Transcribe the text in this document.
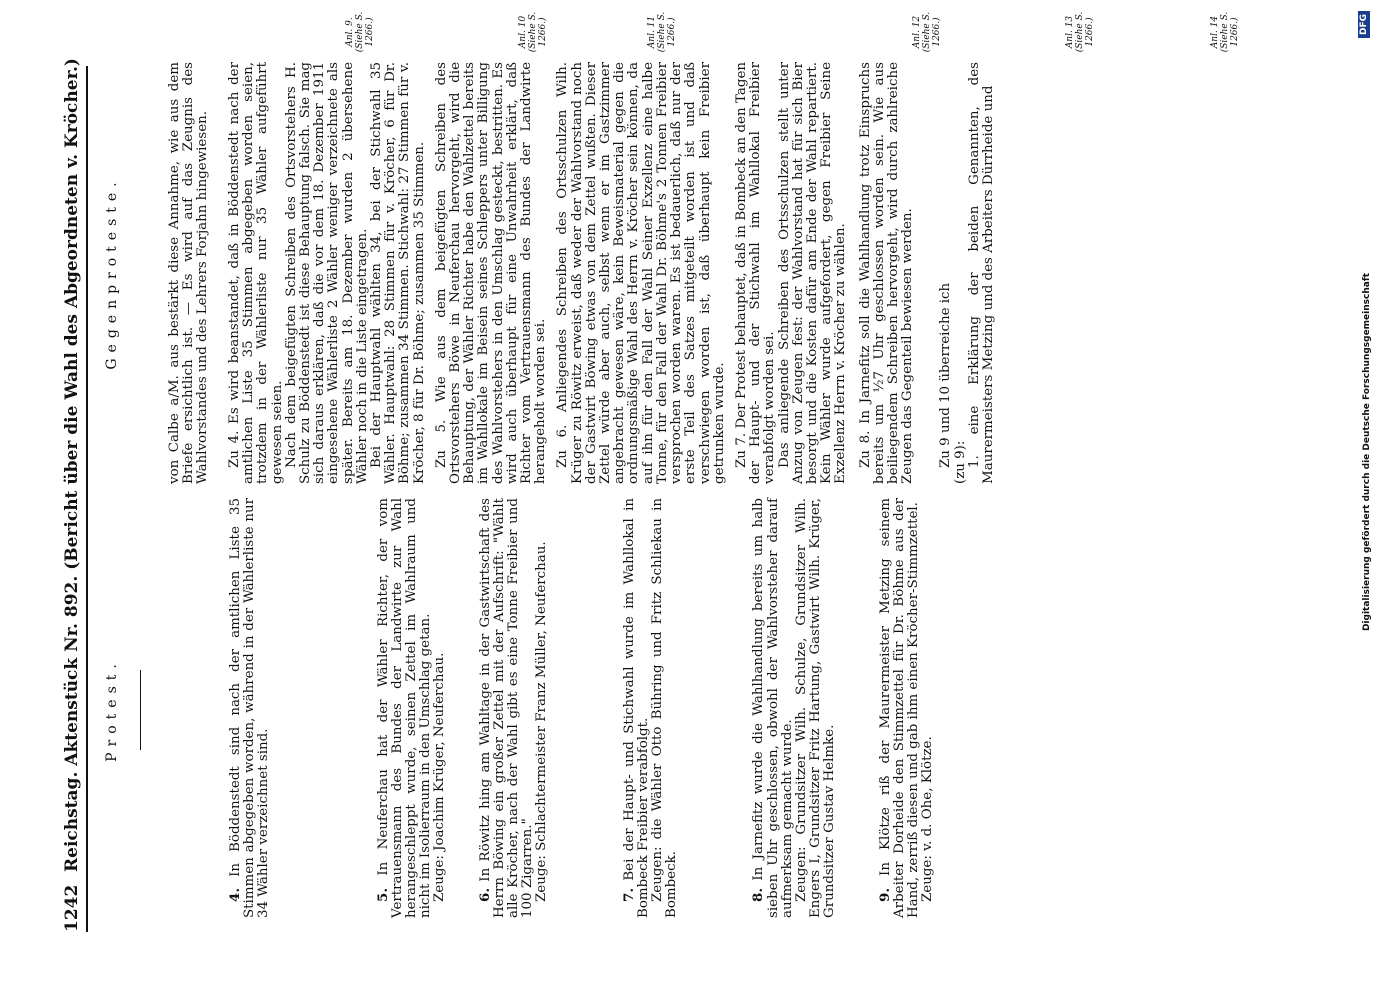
1242
Reichstag. Aktenstück Nr. 892. (Bericht über die Wahl des Abgeordneten v. Kröcher.) Protest.

4. In Böddenstedt sind nach der amtlichen Liste 35 Stimmen abgegeben worden, während in der Wählerliste nur 34 Wähler verzeichnet sind.	5. In Neuferchau hat der Wähler Richter, der vom Vertrauensmann des Bundes der Landwirte zur Wahl herangeschleppt wurde, seinen Zettel im Wahlraum und nicht im Isolierraum in den Umschlag getan. Zeuge: Joachim Krüger, Neuferchau. 6. In Röwitz hing am Wahltage in der Gastwirtschaft des Herrn Böwing ein großer Zettel mit der Aufschrift: "Wählt alle Kröcher, nach der Wahl gibt es eine Tonne Freibier und 100 Zigarren." Zeuge: Schlachtermeister Franz Müller, Neuferchau.	7. Bei der Haupt- und Stichwahl wurde im Wahllokal in Bombeck Freibier verabfolgt. Zeugen: die Wähler Otto Bühring und Fritz Schliekau in Bombeck.	8. In Jarnefitz wurde die Wahlhandlung bereits um halb sieben Uhr geschlossen, obwohl der Wahlvorsteher darauf aufmerksam gemacht wurde. Zeugen: Grundsitzer Wilh. Schulze, Grundsitzer Wilh. Engers I, Grundsitzer Fritz Hartung, Gastwirt Wilh. Krüger, Grundsitzer Gustav Helmke.	9. In Klötze riß der Maurermeister Metzing seinem Arbeiter Dorheide den Stimmzettel für Dr. Böhme aus der Hand, zerriß diesen und gab ihm einen Kröcher-Stimmzettel. Zeuge: v. d. Ohe, Klötze.

von Calbe a/M. aus bestärkt diese Annahme, wie aus dem Briefe ersichtlich ist. — Es wird auf das Zeugnis des Wahlvorstandes und des Lehrers Forjahn hingewiesen.

Gegenproteste.	Zu 4. Es wird beanstandet, daß in Böddenstedt nach der amtlichen Liste 35 Stimmen abgegeben worden seien, trotzdem in der Wählerliste nur 35 Wähler aufgeführt gewesen seien. Nach dem beigefügten Schreiben des Ortsvorstehers H. Schulz zu Böddenstedt ist diese Behauptung falsch. Sie mag sich daraus erklären, daß die vor dem 18. Dezember 1911 eingesehene Wählerliste 2 Wähler weniger verzeichnete als später. Bereits am 18. Dezember wurden 2 übersehene Wähler noch in die Liste eingetragen. Bei der Hauptwahl wählten 34, bei der Stichwahl 35 Wähler. Hauptwahl: 28 Stimmen für v. Kröcher, 6 für Dr. Böhme; zusammen 34 Stimmen. Stichwahl: 27 Stimmen für v. Kröcher, 8 für Dr. Böhme; zusammen 35 Stimmen. Zu 5. Wie aus dem beigefügten Schreiben des Ortsvorstehers Böwe in Neuferchau hervorgeht, wird die Behauptung, der Wähler Richter habe den Wahlzettel bereits im Wahllokale im Beisein seines Schleppers unter Billigung des Wahlvorstehers in den Umschlag gesteckt, bestritten. Es wird auch überhaupt für eine Unwahrheit erklärt, daß Richter vom Vertrauensmann des Bundes der Landwirte herangeholt worden sei. Zu 6. Anliegendes Schreiben des Ortsschulzen Wilh. Krüger zu Röwitz erweist, daß weder der Wahlvorstand noch der Gastwirt Böwing etwas von dem Zettel wußten. Dieser Zettel würde aber auch, selbst wenn er im Gastzimmer angebracht gewesen wäre, kein Beweismaterial gegen die ordnungsmäßige Wahl des Herrn v. Kröcher sein können, da auf ihn für den Fall der Wahl Seiner Exzellenz eine halbe Tonne, für den Fall der Wahl Dr. Böhme's 2 Tonnen Freibier versprochen worden waren. Es ist bedauerlich, daß nur der erste Teil des Satzes mitgeteilt worden ist und daß verschwiegen worden ist, daß überhaupt kein Freibier getrunken wurde. Zu 7. Der Protest behauptet, daß in Bombeck an den Tagen der Haupt- und der Stichwahl im Wahllokal Freibier verabfolgt worden sei. Das anliegende Schreiben des Ortsschulzen stellt unter Anzug von Zeugen fest: der Wahlvorstand hat für sich Bier besorgt und die Kosten dafür am Ende der Wahl repartiert. Kein Wähler wurde aufgefordert, gegen Freibier Seine Exzellenz Herrn v. Kröcher zu wählen. Zu 8. In Jarnefitz soll die Wahlhandlung trotz Einspruchs bereits um ½7 Uhr geschlossen worden sein. Wie aus beiliegendem Schreiben hervorgeht, wird durch zahlreiche Zeugen das Gegenteil bewiesen werden. Zu 9 und 10 überreiche ich (zu 9): 1. eine Erklärung der beiden Genannten, des Maurermeisters Metzing und des Arbeiters Dürrheide und

Anl. 9. (Siehe S. 1266.)	Anl. 10 (Siehe S. 1266.)	Anl. 11 (Siehe S. 1266.)	Anl. 12 (Siehe S. 1266.)	Anl. 13 (Siehe S. 1266.)	Anl. 14 (Siehe S. 1266.)
Digitalisierung gefördert durch die Deutsche Forschungsgemeinschaft
DFG
